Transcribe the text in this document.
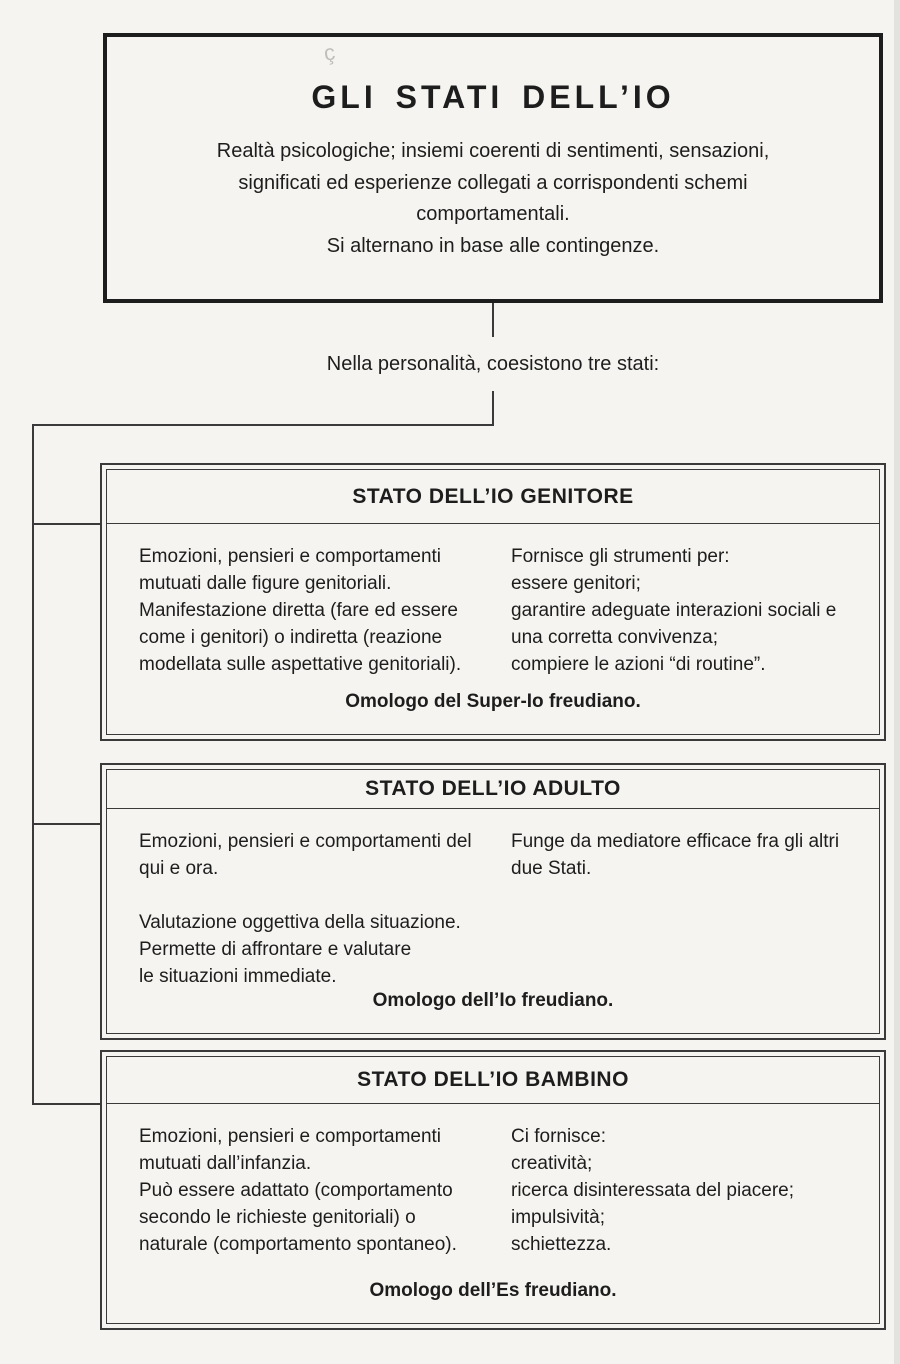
ç
GLI STATI DELL’IO
Realtà psicologiche; insiemi coerenti di sentimenti, sensazioni,
significati ed esperienze collegati a corrispondenti schemi
comportamentali.
Si alternano in base alle contingenze.
Nella personalità, coesistono tre stati:
STATO DELL’IO GENITORE
Emozioni, pensieri e comportamenti
mutuati dalle figure genitoriali.
Manifestazione diretta (fare ed essere
come i genitori) o indiretta (reazione
modellata sulle aspettative genitoriali).
Fornisce gli strumenti per:
essere genitori;
garantire adeguate interazioni sociali e
una corretta convivenza;
compiere le azioni “di routine”.
Omologo del Super-Io freudiano.
STATO DELL’IO ADULTO
Emozioni, pensieri e comportamenti del
qui e ora.
Valutazione oggettiva della situazione.
Permette di affrontare e valutare
le situazioni immediate.
Funge da mediatore efficace fra gli altri
due Stati.
Omologo dell’Io freudiano.
STATO DELL’IO BAMBINO
Emozioni, pensieri e comportamenti
mutuati dall’infanzia.
Può essere adattato (comportamento
secondo le richieste genitoriali) o
naturale (comportamento spontaneo).
Ci fornisce:
creatività;
ricerca disinteressata del piacere;
impulsività;
schiettezza.
Omologo dell’Es freudiano.
